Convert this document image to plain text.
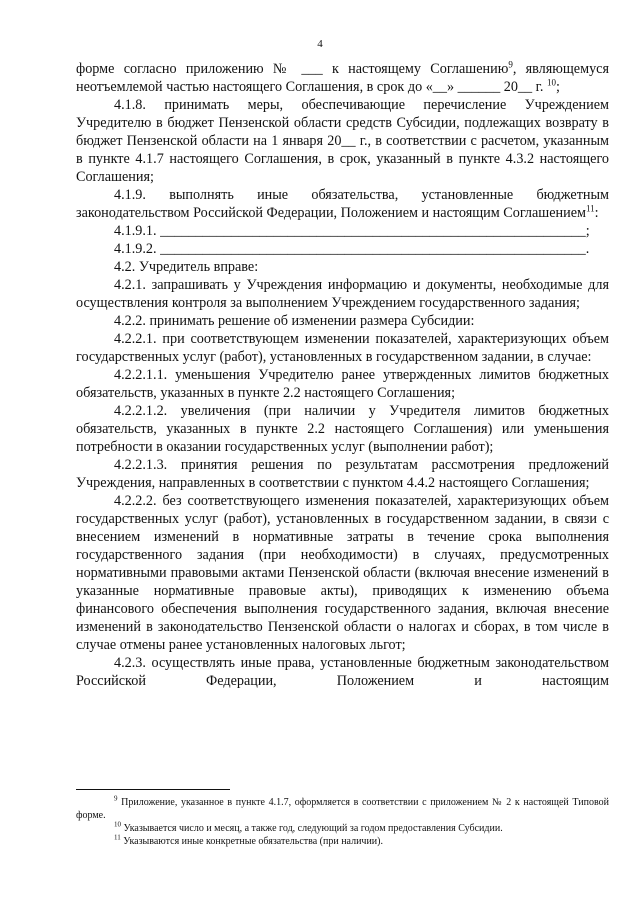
4

форме согласно приложению № ___ к настоящему Соглашению$^9$, являющемуся неотъемлемой частью настоящего Соглашения, в срок до «__» ______ 20__ г. $^{10}$;

4.1.8. принимать меры, обеспечивающие перечисление Учреждением Учредителю в бюджет Пензенской области средств Субсидии, подлежащих возврату в бюджет Пензенской области на 1 января 20__ г., в соответствии с расчетом, указанным в пункте 4.1.7 настоящего Соглашения, в срок, указанный в пункте 4.3.2 настоящего Соглашения;

4.1.9. выполнять иные обязательства, установленные бюджетным законодательством Российской Федерации, Положением и настоящим Соглашением$^{11}$:

4.1.9.1. ____________________________________________________________;

4.1.9.2. ____________________________________________________________.

4.2. Учредитель вправе:

4.2.1. запрашивать у Учреждения информацию и документы, необходимые для осуществления контроля за выполнением Учреждением государственного задания;

4.2.2. принимать решение об изменении размера Субсидии:

4.2.2.1. при соответствующем изменении показателей, характеризующих объем государственных услуг (работ), установленных в государственном задании, в случае:

4.2.2.1.1. уменьшения Учредителю ранее утвержденных лимитов бюджетных обязательств, указанных в пункте 2.2 настоящего Соглашения;

4.2.2.1.2. увеличения (при наличии у Учредителя лимитов бюджетных обязательств, указанных в пункте 2.2 настоящего Соглашения) или уменьшения потребности в оказании государственных услуг (выполнении работ);

4.2.2.1.3. принятия решения по результатам рассмотрения предложений Учреждения, направленных в соответствии с пунктом 4.4.2 настоящего Соглашения;

4.2.2.2. без соответствующего изменения показателей, характеризующих объем государственных услуг (работ), установленных в государственном задании, в связи с внесением изменений в нормативные затраты в течение срока выполнения государственного задания (при необходимости) в случаях, предусмотренных нормативными правовыми актами Пензенской области (включая внесение изменений в указанные нормативные правовые акты), приводящих к изменению объема финансового обеспечения выполнения государственного задания, включая внесение изменений в законодательство Пензенской области о налогах и сборах, в том числе в случае отмены ранее установленных налоговых льгот;

4.2.3. осуществлять иные права, установленные бюджетным законодательством Российской Федерации, Положением и настоящим

$^9$ Приложение, указанное в пункте 4.1.7, оформляется в соответствии с приложением № 2 к настоящей Типовой форме.

$^{10}$ Указывается число и месяц, а также год, следующий за годом предоставления Субсидии.

$^{11}$ Указываются иные конкретные обязательства (при наличии).
